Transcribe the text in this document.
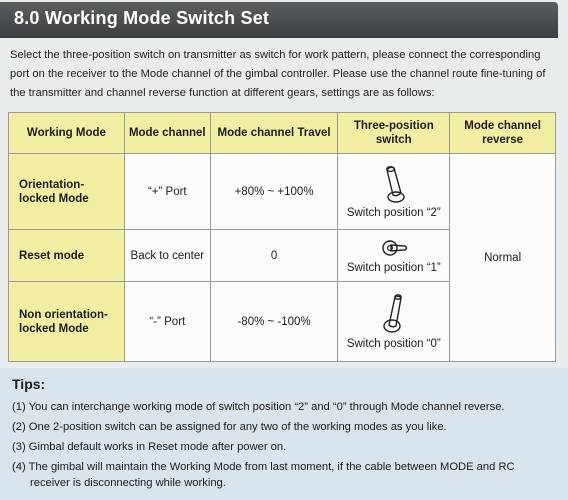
8.0 Working Mode Switch Set
Select the three-position switch on transmitter as switch for work pattern, please connect the corresponding port on the receiver to the Mode channel of the gimbal controller. Please use the channel route fine-tuning of the transmitter and channel reverse function at different gears, settings are as follows:
Working Mode	Mode channel	Mode channel Travel	Three-position switch	Mode channel reverse
Orientation-locked Mode	“+” Port	+80% ~ +100%	Switch position “2”	Normal
Reset mode	Back to center	0	Switch position “1”	

Non orientation-locked Mode	“-” Port	-80% ~ -100%	Switch position “0”	
Tips:
(1) You can interchange working mode of switch position “2” and “0” through Mode channel reverse.
(2) One 2-position switch can be assigned for any two of the working modes as you like.
(3) Gimbal default works in Reset mode after power on.
(4) The gimbal will maintain the Working Mode from last moment, if the cable between MODE and RC
receiver is disconnecting while working.
